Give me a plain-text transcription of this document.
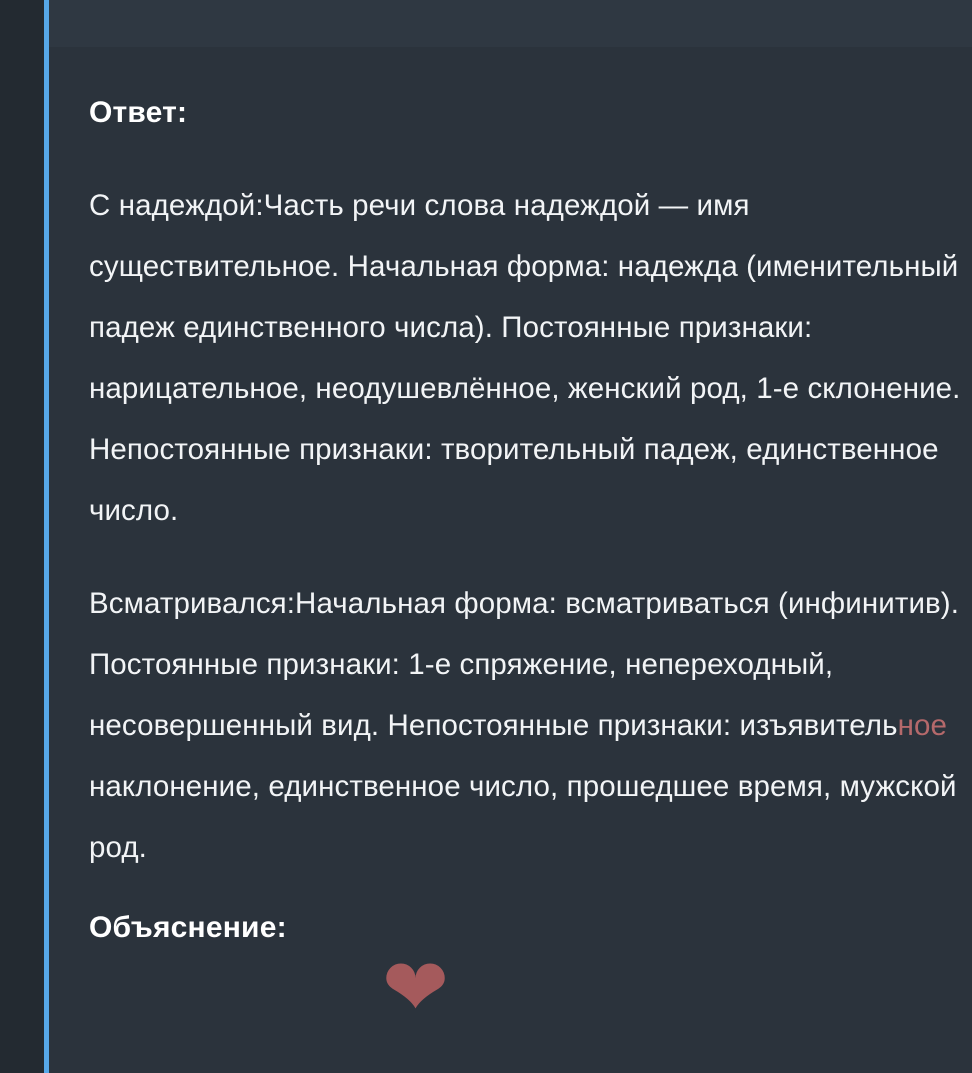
Ответ:
С надеждой:Часть речи слова надеждой — имя существительное. Начальная форма: надежда (именительный падеж единственного числа). Постоянные признаки: нарицательное, неодушевлённое, женский род, 1-е склонение. Непостоянные признаки: творительный падеж, единственное число.
Всматривался:Начальная форма: всматриваться (инфинитив). Постоянные признаки: 1-е спряжение, непереходный, несовершенный вид. Непостоянные признаки: изъявительное наклонение, единственное число, прошедшее время, мужской род.
Объяснение:
❤
